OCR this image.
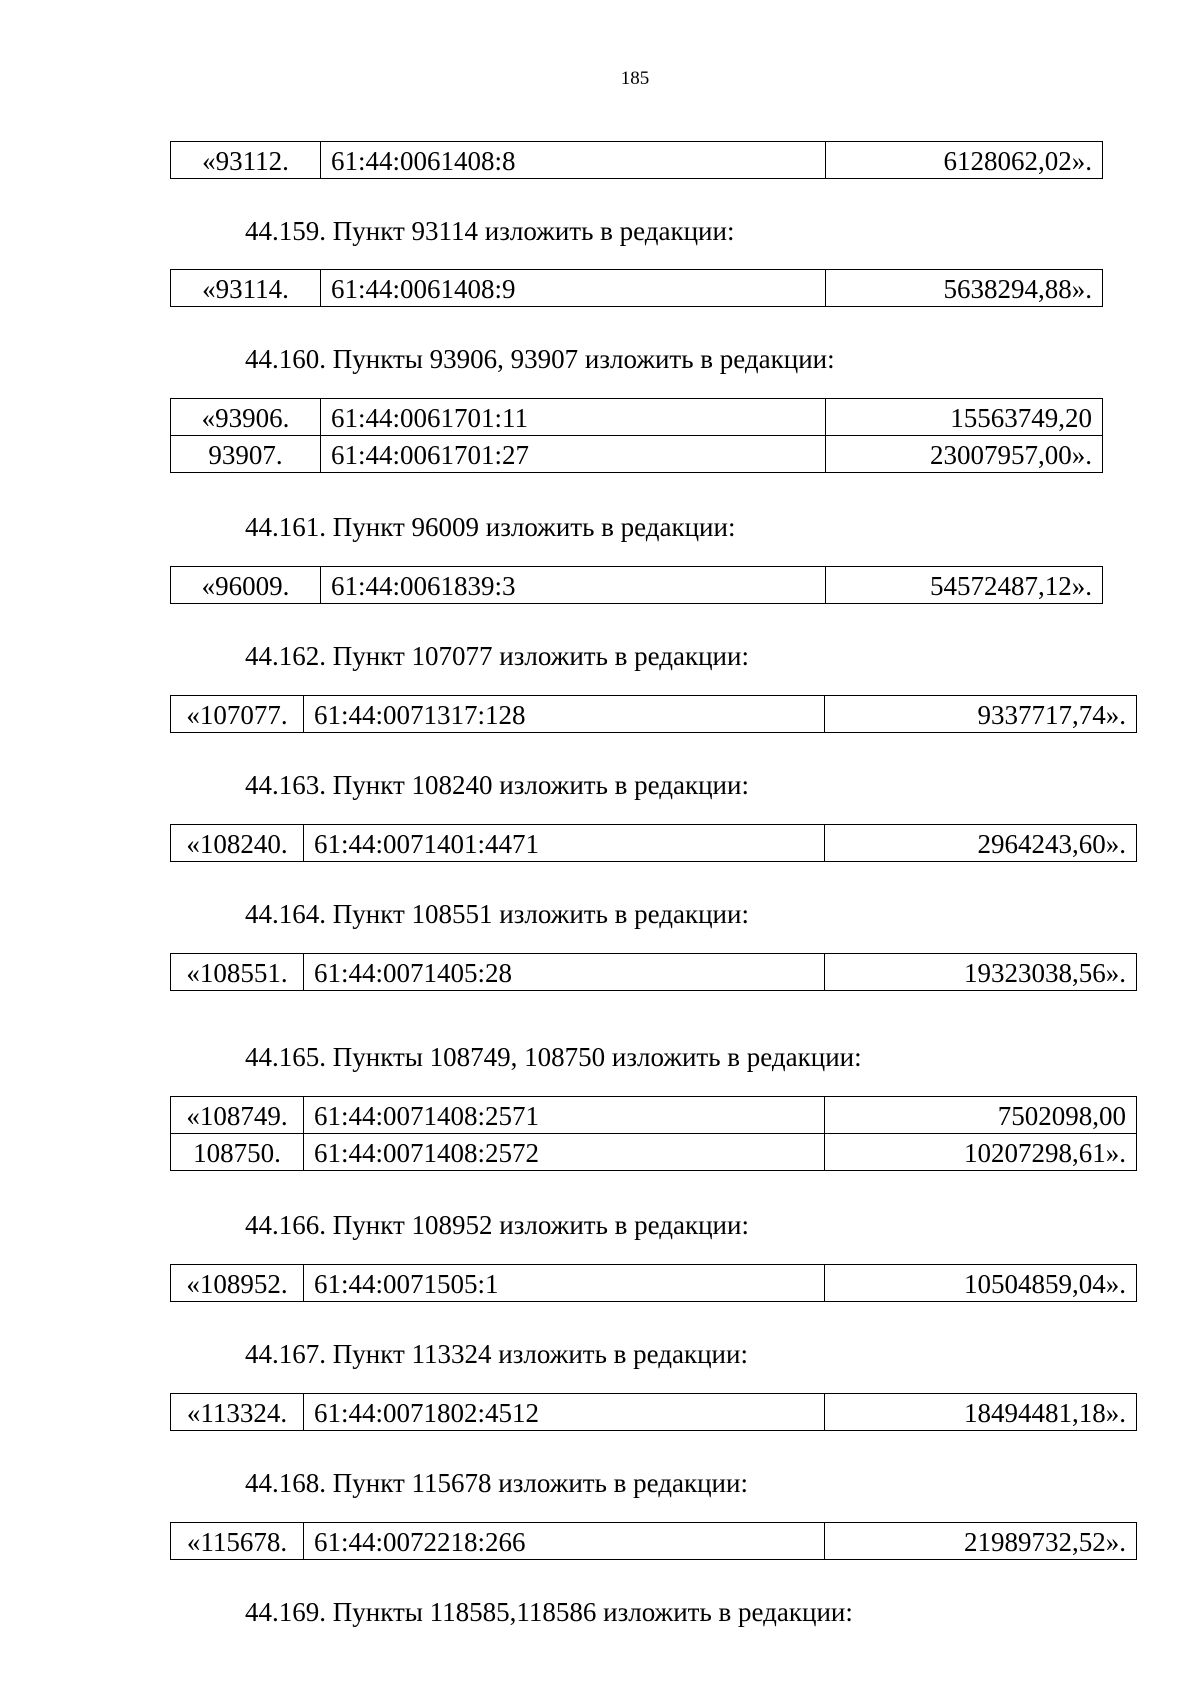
185
«93112.	61:44:0061408:8	6128062,02».
44.159. Пункт 93114 изложить в редакции:
«93114.	61:44:0061408:9	5638294,88».
44.160. Пункты 93906, 93907 изложить в редакции:
«93906.	61:44:0061701:11	15563749,20
93907.	61:44:0061701:27	23007957,00».
44.161. Пункт 96009 изложить в редакции:
«96009.	61:44:0061839:3	54572487,12».
44.162. Пункт 107077 изложить в редакции:
«107077.	61:44:0071317:128	9337717,74».
44.163. Пункт 108240 изложить в редакции:
«108240.	61:44:0071401:4471	2964243,60».
44.164. Пункт 108551 изложить в редакции:
«108551.	61:44:0071405:28	19323038,56».
44.165. Пункты 108749, 108750 изложить в редакции:
«108749.	61:44:0071408:2571	7502098,00
108750.	61:44:0071408:2572	10207298,61».
44.166. Пункт 108952 изложить в редакции:
«108952.	61:44:0071505:1	10504859,04».
44.167. Пункт 113324 изложить в редакции:
«113324.	61:44:0071802:4512	18494481,18».
44.168. Пункт 115678 изложить в редакции:
«115678.	61:44:0072218:266	21989732,52».
44.169. Пункты 118585,118586 изложить в редакции:
